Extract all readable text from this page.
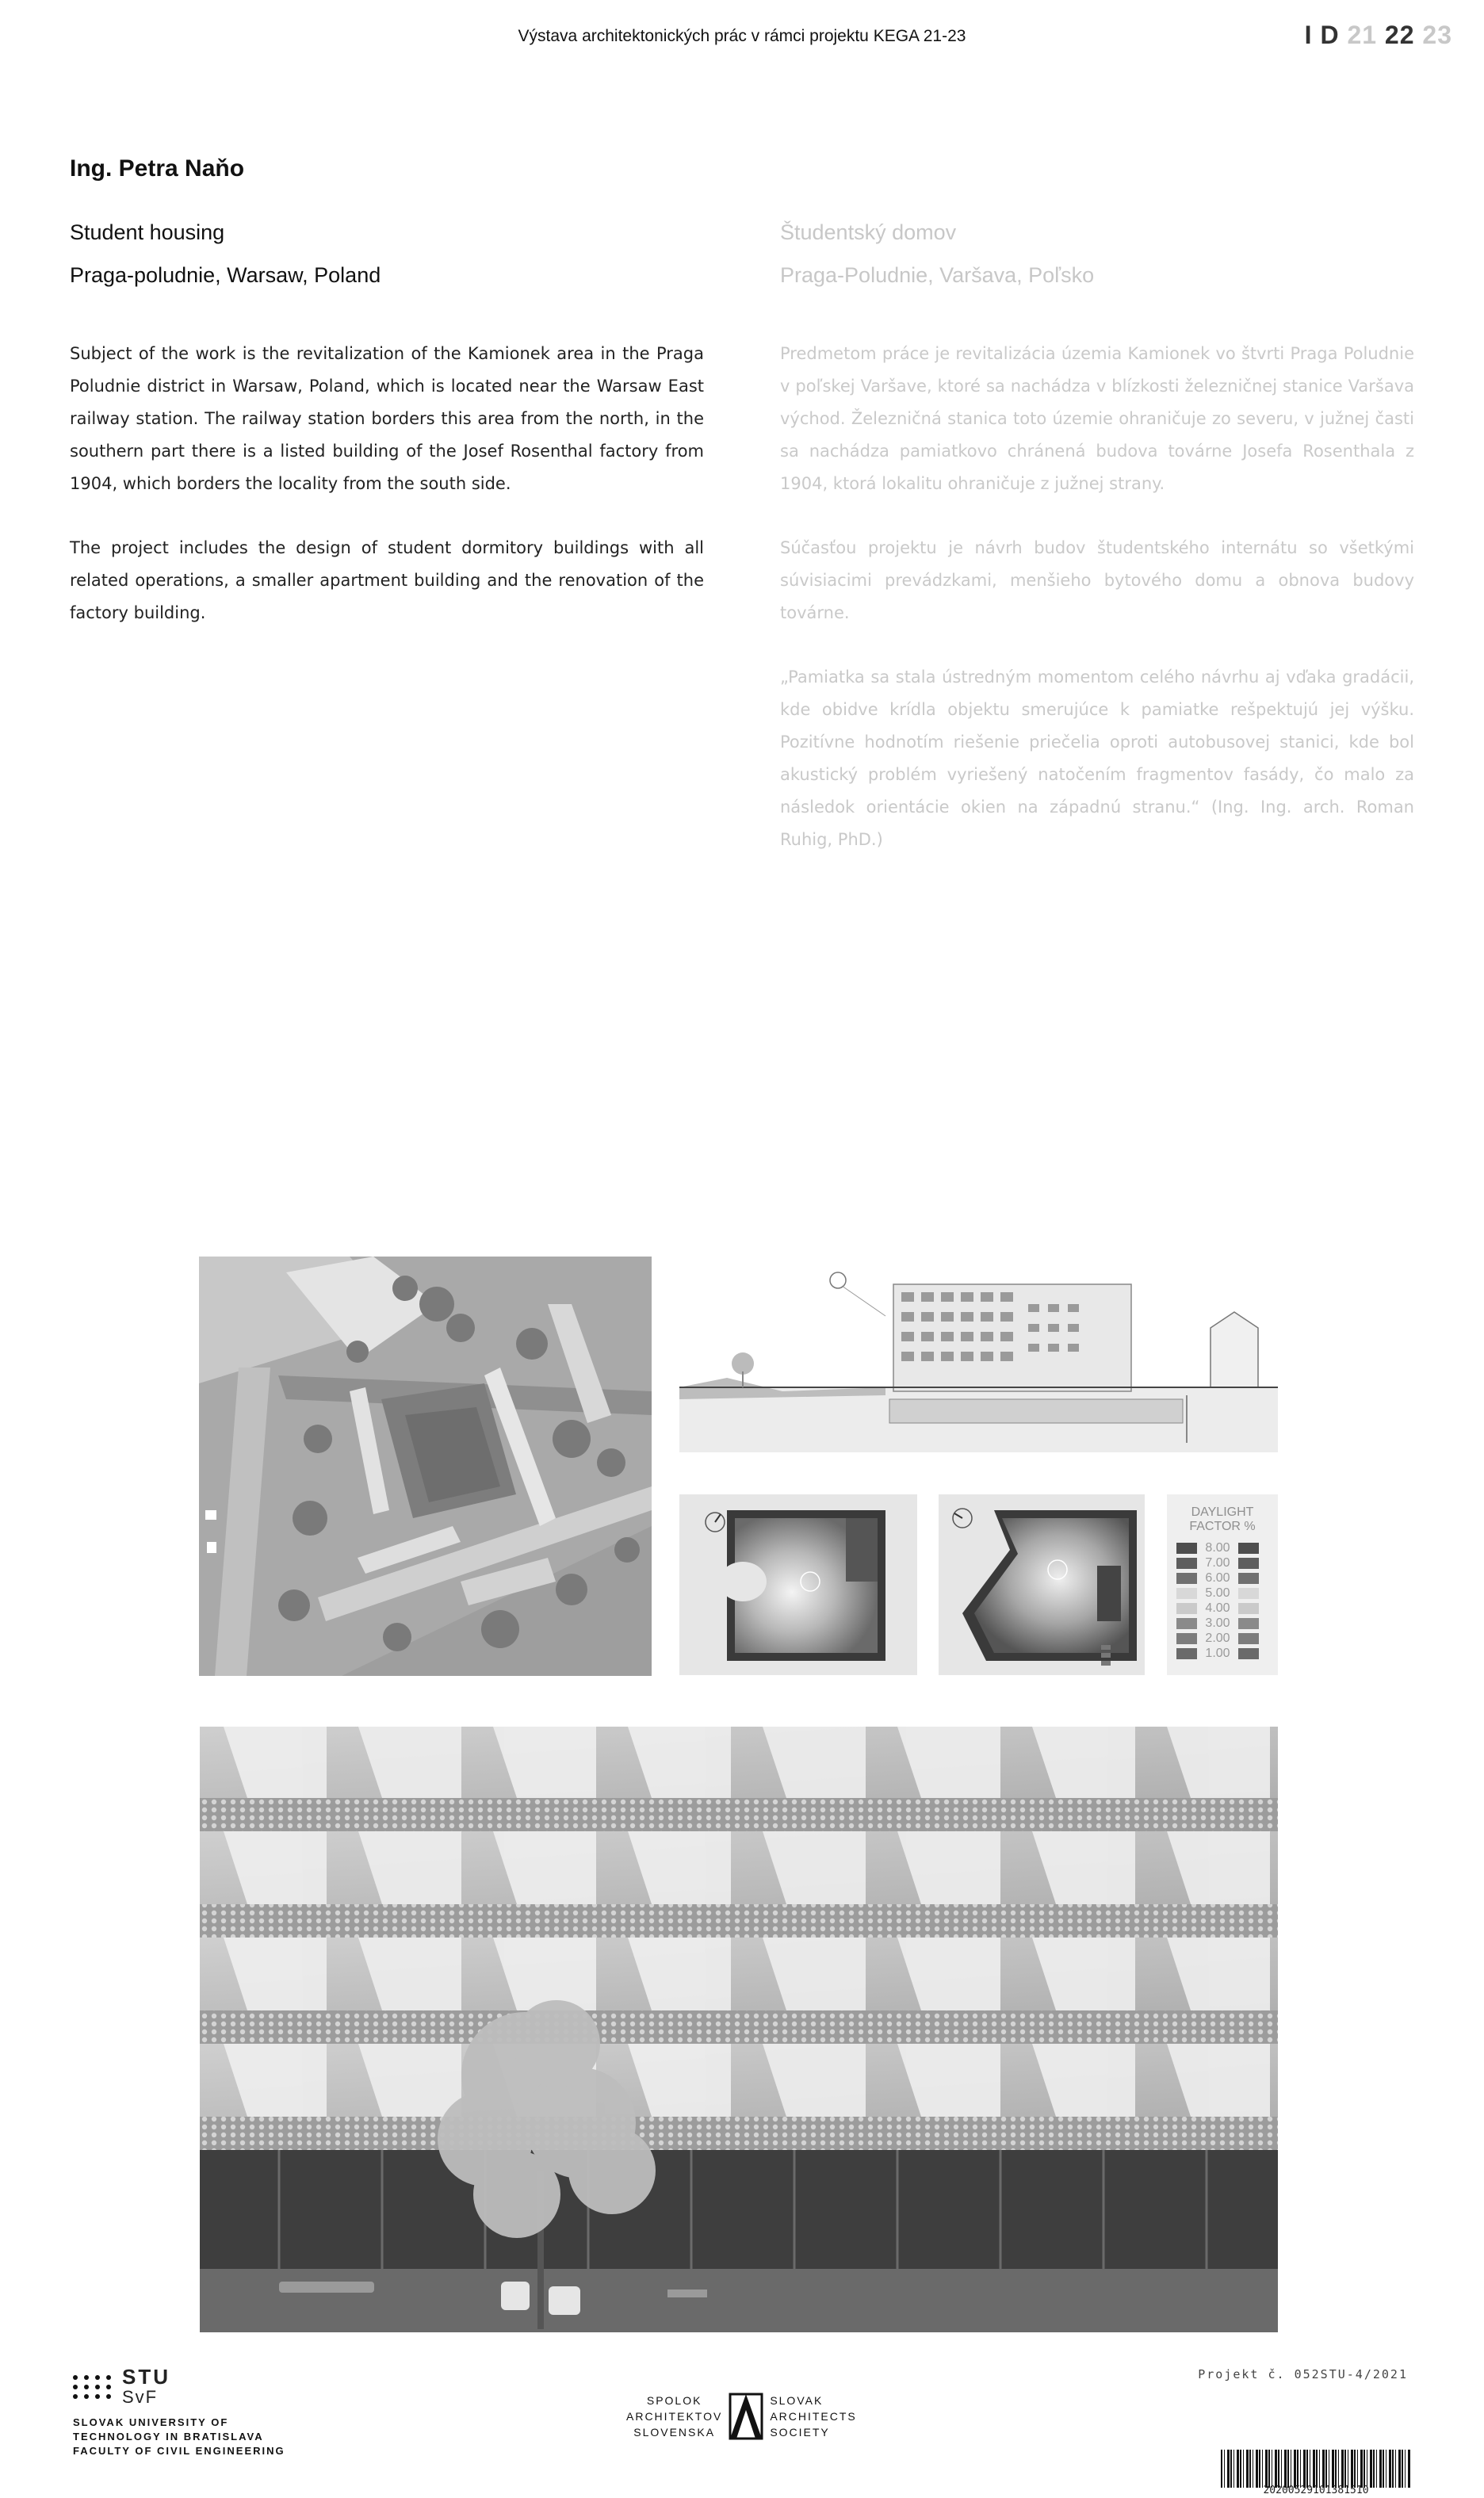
Výstava architektonických prác v rámci projektu KEGA 21-23	I D 21 22 23
Ing. Petra Naňo
Student housing
Praga-poludnie, Warsaw, Poland
Študentský domov
Praga-Poludnie, Varšava, Poľsko

Subject of the work is the revitalization of the Kamionek area in the Praga Poludnie district in Warsaw, Poland, which is located near the Warsaw East railway station. The railway station borders this area from the north, in the southern part there is a listed building of the Josef Rosenthal factory from 1904, which borders the locality from the south side.

The project includes the design of student dormitory buildings with all related operations, a smaller apartment building and the renovation of the factory building.

Predmetom práce je revitalizácia územia Kamionek vo štvrti Praga Poludnie v poľskej Varšave, ktoré sa nachádza v blízkosti železničnej stanice Varšava východ. Železničná stanica toto územie ohraničuje zo severu, v južnej časti sa nachádza pamiatkovo chránená budova továrne Josefa Rosenthala z 1904, ktorá lokalitu ohraničuje z južnej strany.

Súčasťou projektu je návrh budov študentského internátu so všetkými súvisiacimi prevádzkami, menšieho bytového domu a obnova budovy továrne.

„Pamiatka sa stala ústredným momentom celého návrhu aj vďaka gradácii, kde obidve krídla objektu smerujúce k pamiatke rešpektujú jej výšku. Pozitívne hodnotím riešenie priečelia oproti autobusovej stanici, kde bol akustický problém vyriešený natočením fragmentov fasády, čo malo za následok orientácie okien na západnú stranu.“ (Ing. Ing. arch. Roman Ruhig, PhD.)

DAYLIGHT
FACTOR %
8.00
7.00
6.00
5.00
4.00
3.00
2.00
1.00
STU
SvF
SLOVAK UNIVERSITY OF
TECHNOLOGY IN BRATISLAVA
FACULTY OF CIVIL ENGINEERING
SPOLOK
ARCHITEKTOV
SLOVENSKA
SLOVAK
ARCHITECTS
SOCIETY
Projekt č. 052STU-4/2021
20200529101381510
